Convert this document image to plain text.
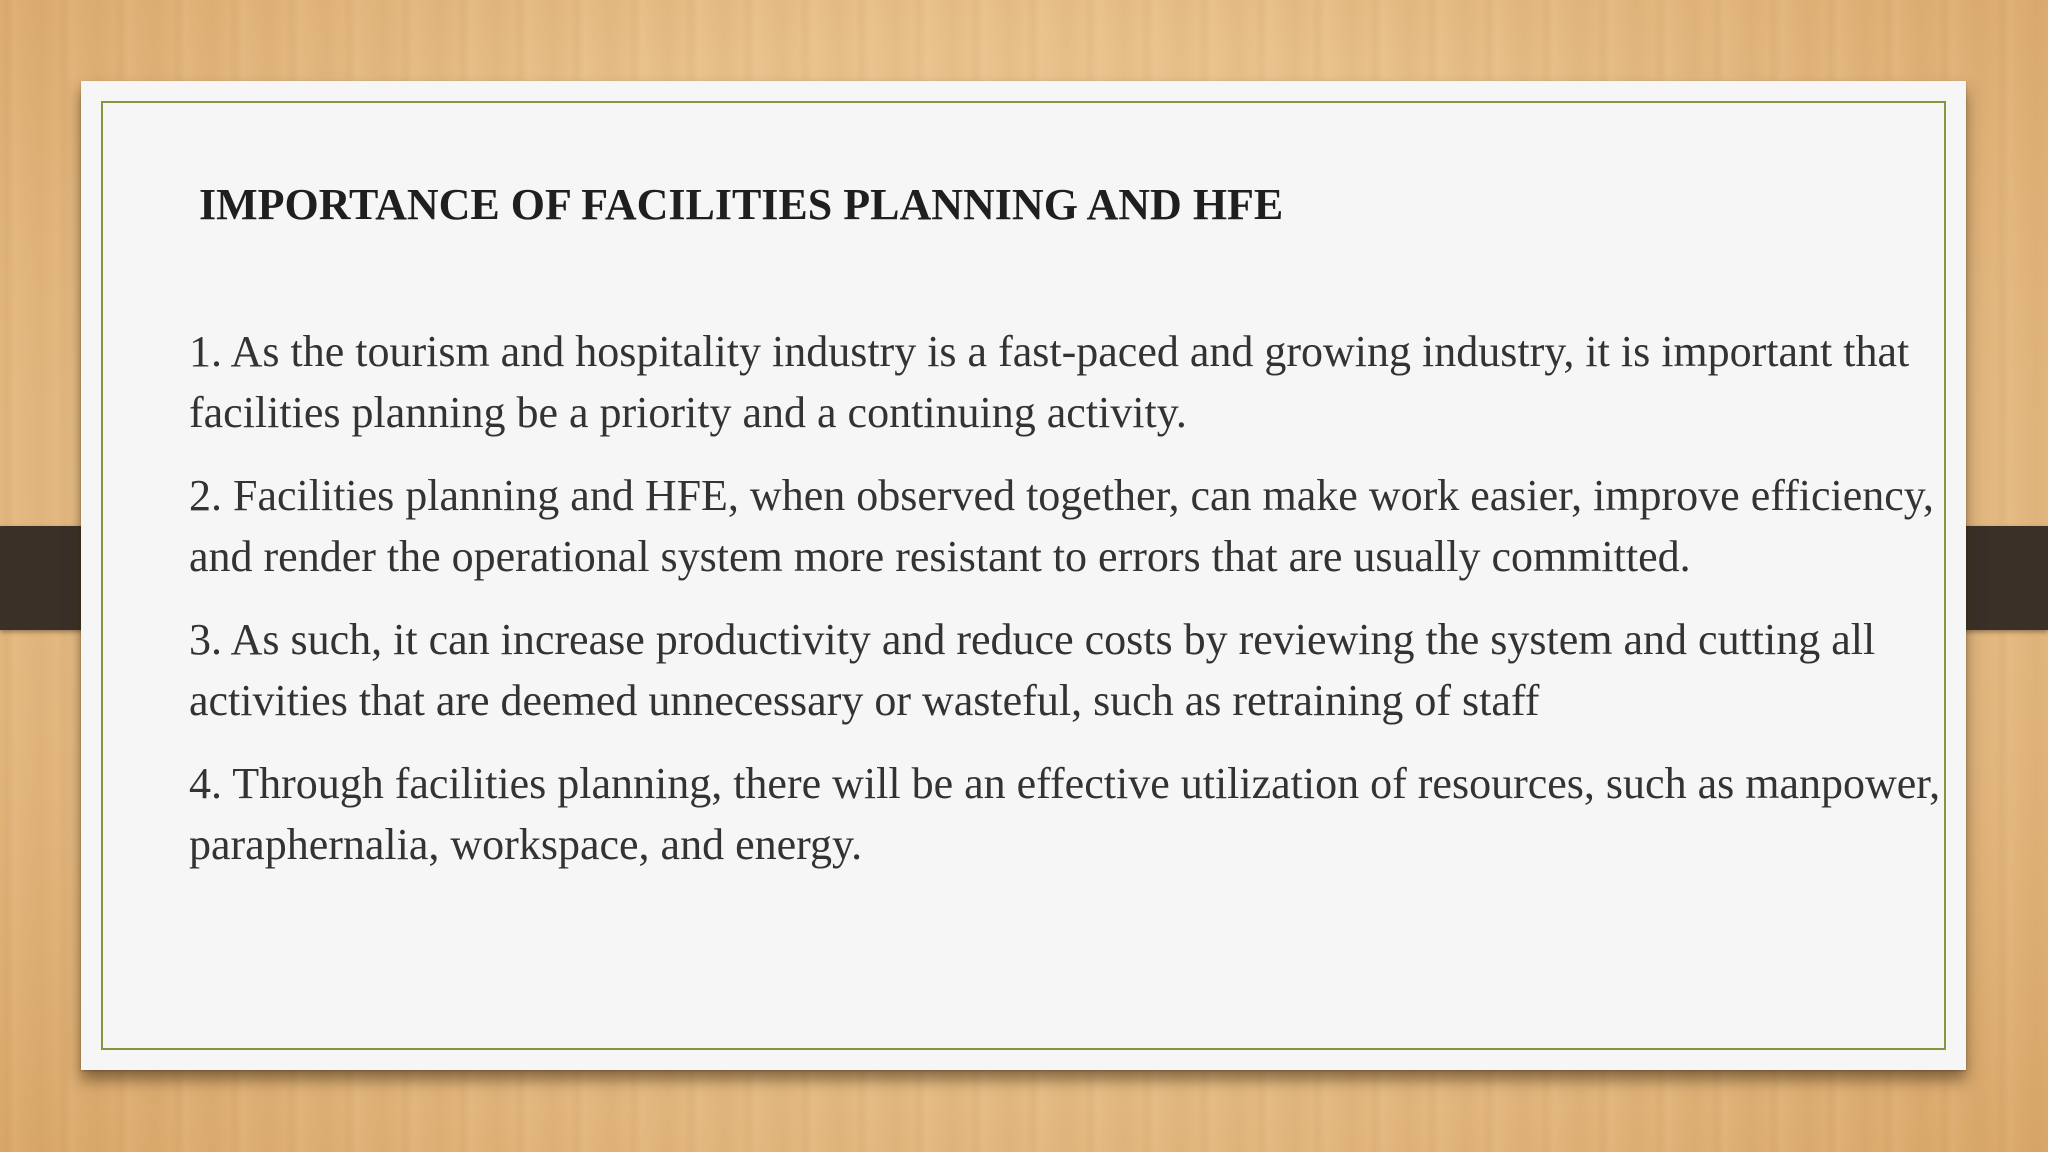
IMPORTANCE OF FACILITIES PLANNING AND HFE
1. As the tourism and hospitality industry is a fast-paced and growing industry, it is important that facilities planning be a priority and a continuing activity.
2. Facilities planning and HFE, when observed together, can make work easier, improve efficiency, and render the operational system more resistant to errors that are usually committed.
3. As such, it can increase productivity and reduce costs by reviewing the system and cutting all activities that are deemed unnecessary or wasteful, such as retraining of staff
4. Through facilities planning, there will be an effective utilization of resources, such as manpower, paraphernalia, workspace, and energy.
